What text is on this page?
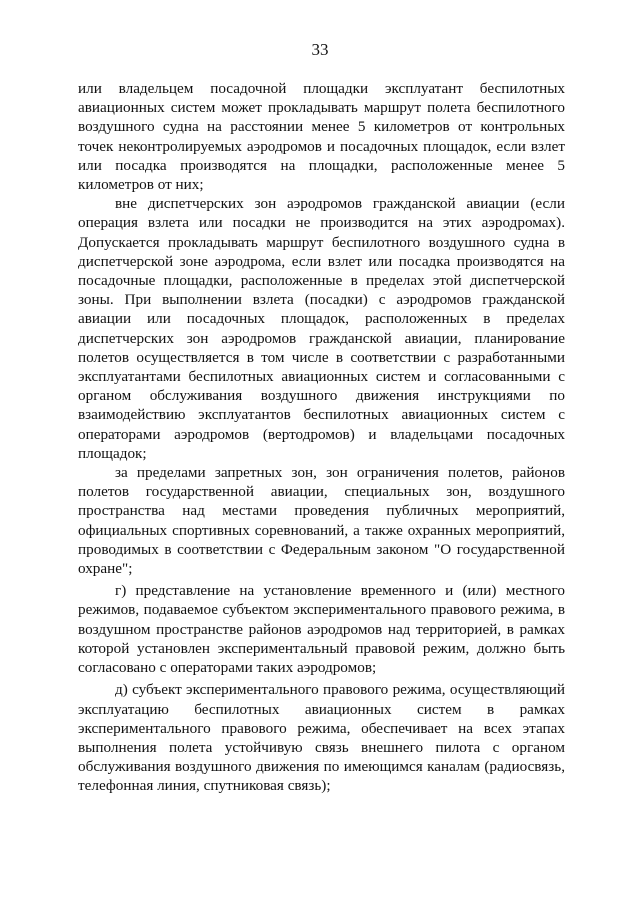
33

или владельцем посадочной площадки эксплуатант беспилотных авиационных систем может прокладывать маршрут полета беспилотного воздушного судна на расстоянии менее 5 километров от контрольных точек неконтролируемых аэродромов и посадочных площадок, если взлет или посадка производятся на площадки, расположенные менее 5 километров от них;

вне диспетчерских зон аэродромов гражданской авиации (если операция взлета или посадки не производится на этих аэродромах). Допускается прокладывать маршрут беспилотного воздушного судна в диспетчерской зоне аэродрома, если взлет или посадка производятся на посадочные площадки, расположенные в пределах этой диспетчерской зоны. При выполнении взлета (посадки) с аэродромов гражданской авиации или посадочных площадок, расположенных в пределах диспетчерских зон аэродромов гражданской авиации, планирование полетов осуществляется в том числе в соответствии с разработанными эксплуатантами беспилотных авиационных систем и согласованными с органом обслуживания воздушного движения инструкциями по взаимодействию эксплуатантов беспилотных авиационных систем с операторами аэродромов (вертодромов) и владельцами посадочных площадок;

за пределами запретных зон, зон ограничения полетов, районов полетов государственной авиации, специальных зон, воздушного пространства над местами проведения публичных мероприятий, официальных спортивных соревнований, а также охранных мероприятий, проводимых в соответствии с Федеральным законом "О государственной охране";

г) представление на установление временного и (или) местного режимов, подаваемое субъектом экспериментального правового режима, в воздушном пространстве районов аэродромов над территорией, в рамках которой установлен экспериментальный правовой режим, должно быть согласовано с операторами таких аэродромов;

д) субъект экспериментального правового режима, осуществляющий эксплуатацию беспилотных авиационных систем в рамках экспериментального правового режима, обеспечивает на всех этапах выполнения полета устойчивую связь внешнего пилота с органом обслуживания воздушного движения по имеющимся каналам (радиосвязь, телефонная линия, спутниковая связь);
